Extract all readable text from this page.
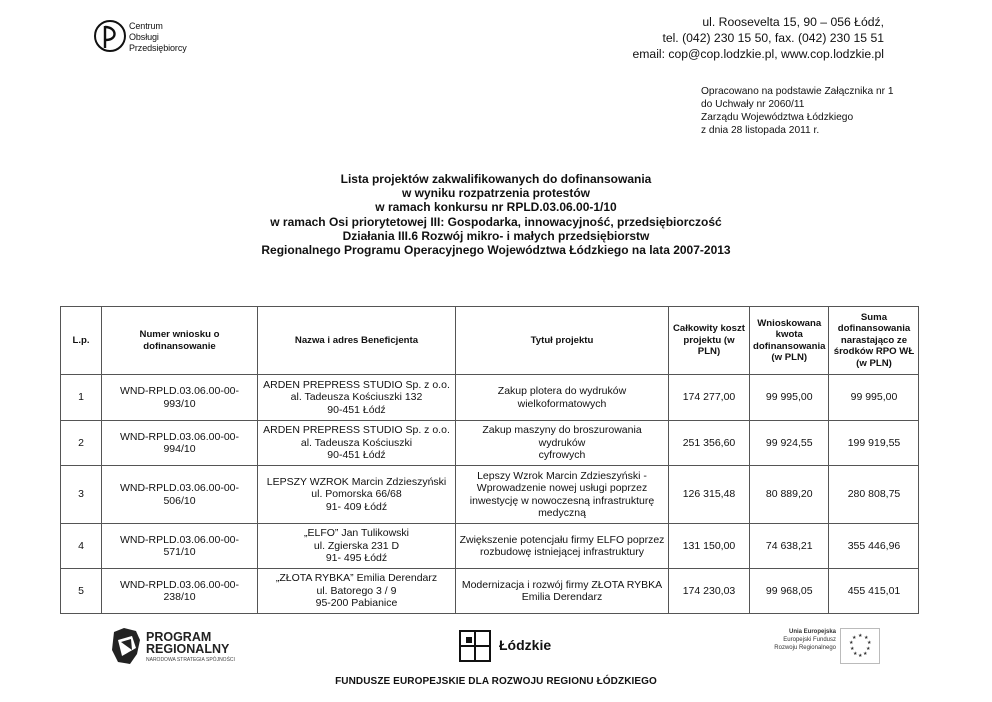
Centrum
Obsługi
Przedsiębiorcy
ul. Roosevelta 15, 90 – 056 Łódź,
tel. (042) 230 15 50, fax. (042) 230 15 51
email: cop@cop.lodzkie.pl, www.cop.lodzkie.pl
Opracowano na podstawie Załącznika nr 1
do Uchwały nr 2060/11
Zarządu Województwa Łódzkiego
z dnia 28 listopada 2011 r.
Lista projektów zakwalifikowanych do dofinansowania
w wyniku rozpatrzenia protestów
w ramach konkursu nr RPLD.03.06.00-1/10
w ramach Osi priorytetowej III: Gospodarka, innowacyjność, przedsiębiorczość
Działania III.6 Rozwój mikro- i małych przedsiębiorstw
Regionalnego Programu Operacyjnego Województwa Łódzkiego na lata 2007-2013
L.p.	Numer wniosku o dofinansowanie	Nazwa i adres Beneficjenta	Tytuł projektu	Całkowity koszt projektu (w PLN)	Wnioskowana kwota dofinansowania (w PLN)	Suma dofinansowania narastająco ze środków RPO WŁ (w PLN)
1	WND-RPLD.03.06.00-00-
993/10	ARDEN PREPRESS STUDIO Sp. z o.o.
al. Tadeusza Kościuszki 132
90-451 Łódź	Zakup plotera do wydruków
wielkoformatowych	174 277,00	99 995,00	99 995,00
2	WND-RPLD.03.06.00-00-
994/10	ARDEN PREPRESS STUDIO Sp. z o.o.
al. Tadeusza Kościuszki
90-451 Łódź	Zakup maszyny do broszurowania wydruków
cyfrowych	251 356,60	99 924,55	199 919,55
3	WND-RPLD.03.06.00-00-
506/10	LEPSZY WZROK Marcin Zdzieszyński
ul. Pomorska 66/68
91- 409 Łódź	Lepszy Wzrok Marcin Zdzieszyński -
Wprowadzenie nowej usługi poprzez
inwestycję w nowoczesną infrastrukturę
medyczną	126 315,48	80 889,20	280 808,75
4	WND-RPLD.03.06.00-00-
571/10	„ELFO” Jan Tulikowski
ul. Zgierska 231 D
91- 495 Łódź	Zwiększenie potencjału firmy ELFO poprzez
rozbudowę istniejącej infrastruktury	131 150,00	74 638,21	355 446,96
5	WND-RPLD.03.06.00-00-
238/10	„ZŁOTA RYBKA” Emilia Derendarz
ul. Batorego 3 / 9
95-200 Pabianice	Modernizacja i rozwój firmy ZŁOTA RYBKA
Emilia Derendarz	174 230,03	99 968,05	455 415,01
PROGRAM
REGIONALNY
NARODOWA STRATEGIA SPÓJNOŚCI
Łódzkie
Unia Europejska
Europejski Fundusz
Rozwoju Regionalnego
★ ★
★
★
★
★
★
★
★
★
FUNDUSZE EUROPEJSKIE DLA ROZWOJU REGIONU ŁÓDZKIEGO
